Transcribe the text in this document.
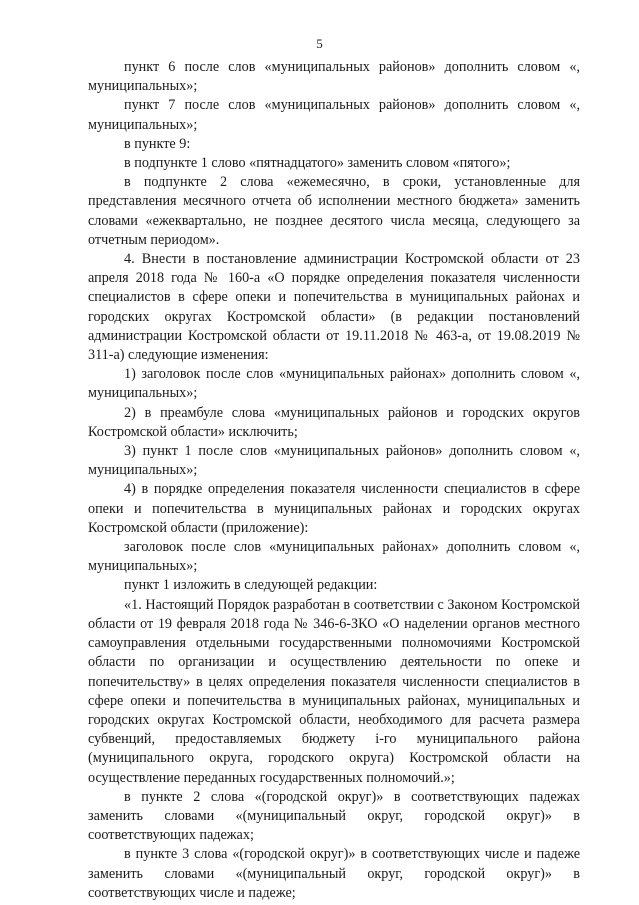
5

пункт 6 после слов «муниципальных районов» дополнить словом «, муниципальных»;

пункт 7 после слов «муниципальных районов» дополнить словом «, муниципальных»;

в пункте 9:

в подпункте 1 слово «пятнадцатого» заменить словом «пятого»;

в подпункте 2 слова «ежемесячно, в сроки, установленные для представления месячного отчета об исполнении местного бюджета» заменить словами «ежеквартально, не позднее десятого числа месяца, следующего за отчетным периодом».

4. Внести в постановление администрации Костромской области от 23 апреля 2018 года № 160-а «О порядке определения показателя численности специалистов в сфере опеки и попечительства в муниципальных районах и городских округах Костромской области» (в редакции постановлений администрации Костромской области от 19.11.2018 № 463-а, от 19.08.2019 № 311-а) следующие изменения:

1) заголовок после слов «муниципальных районах» дополнить словом «, муниципальных»;

2) в преамбуле слова «муниципальных районов и городских округов Костромской области» исключить;

3) пункт 1 после слов «муниципальных районов» дополнить словом «, муниципальных»;

4) в порядке определения показателя численности специалистов в сфере опеки и попечительства в муниципальных районах и городских округах Костромской области (приложение):

заголовок после слов «муниципальных районах» дополнить словом «, муниципальных»;

пункт 1 изложить в следующей редакции:

«1. Настоящий Порядок разработан в соответствии с Законом Костромской области от 19 февраля 2018 года № 346-6-ЗКО «О наделении органов местного самоуправления отдельными государственными полномочиями Костромской области по организации и осуществлению деятельности по опеке и попечительству» в целях определения показателя численности специалистов в сфере опеки и попечительства в муниципальных районах, муниципальных и городских округах Костромской области, необходимого для расчета размера субвенций, предоставляемых бюджету i-го муниципального района (муниципального округа, городского округа) Костромской области на осуществление переданных государственных полномочий.»;

в пункте 2 слова «(городской округ)» в соответствующих падежах заменить словами «(муниципальный округ, городской округ)» в соответствующих падежах;

в пункте 3 слова «(городской округ)» в соответствующих числе и падеже заменить словами «(муниципальный округ, городской округ)» в соответствующих числе и падеже;
